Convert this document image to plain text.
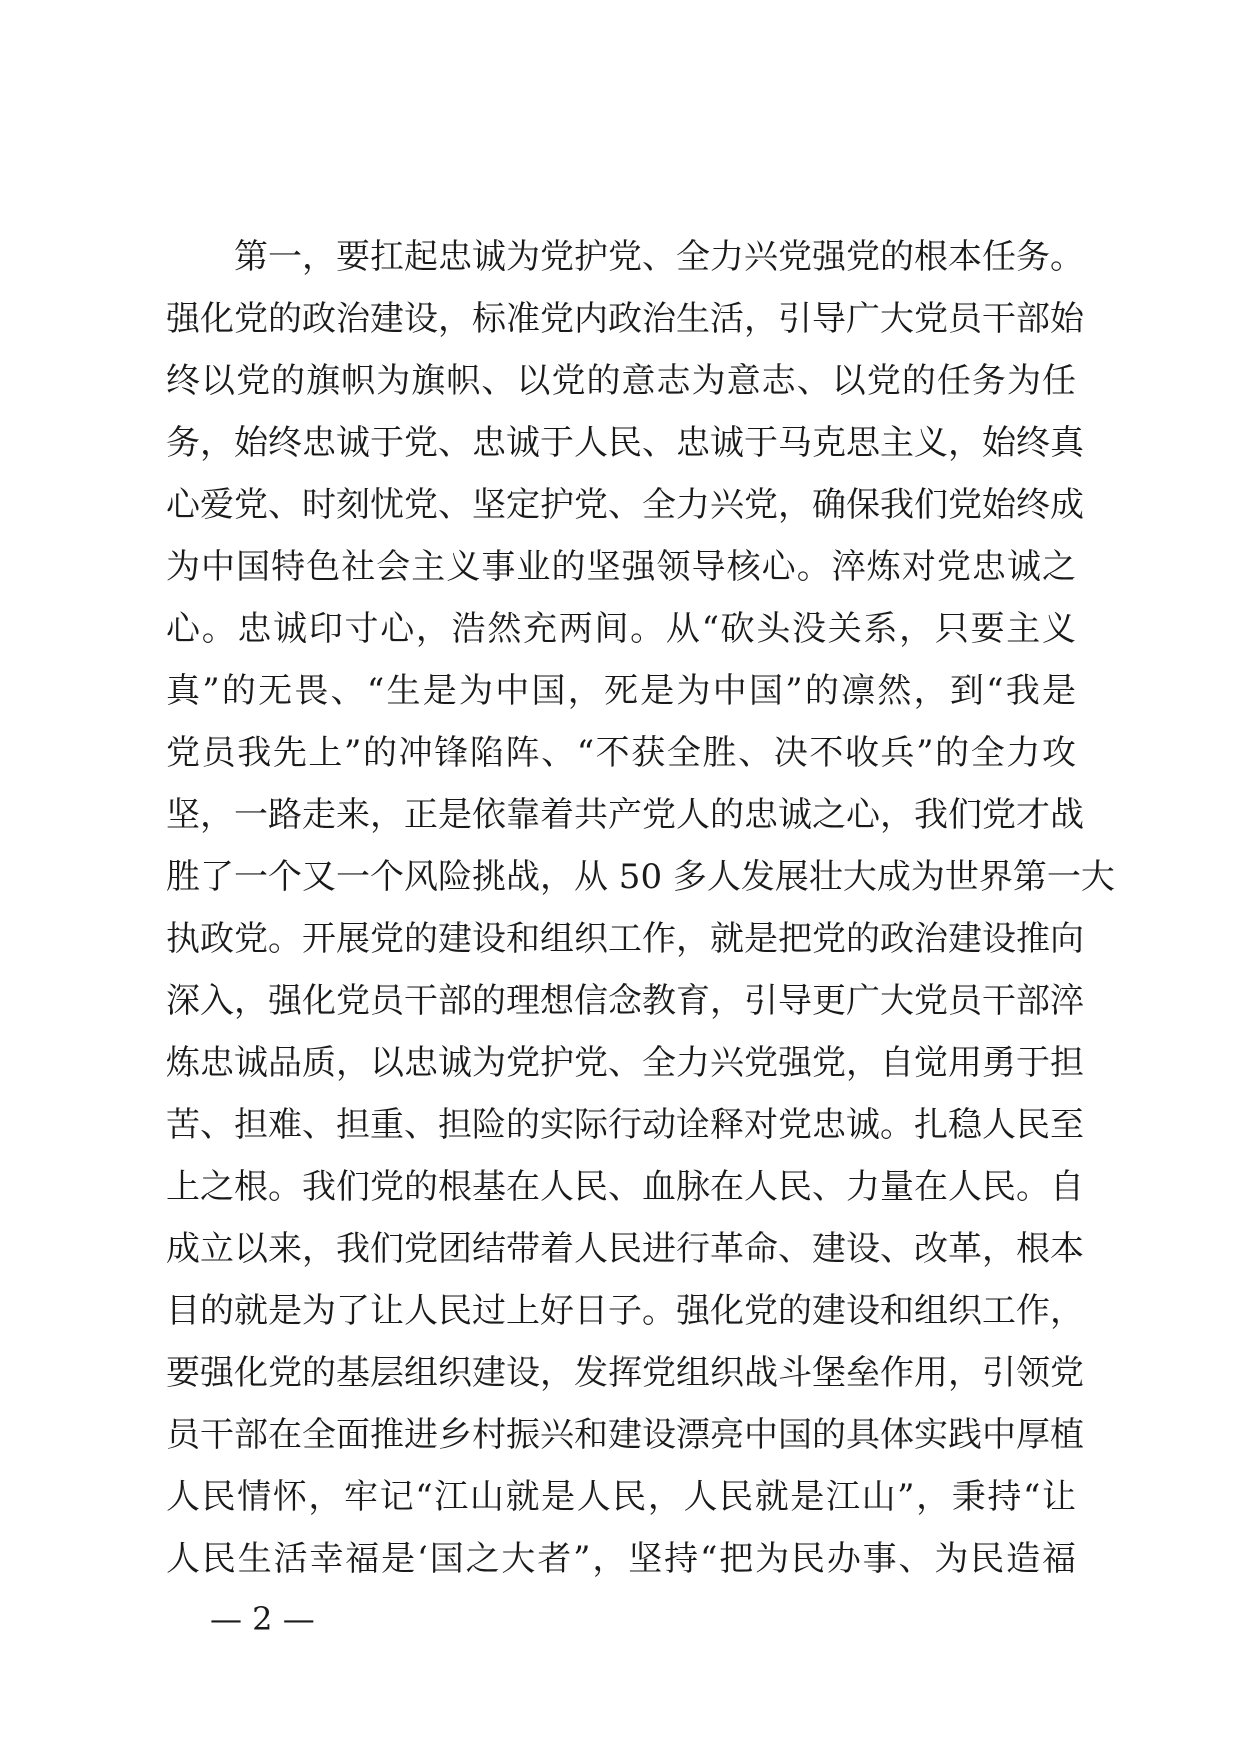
第一，要扛起忠诚为党护党、全力兴党强党的根本任务。
强化党的政治建设，标准党内政治生活，引导广大党员干部始
终以党的旗帜为旗帜、以党的意志为意志、以党的任务为任
务，始终忠诚于党、忠诚于人民、忠诚于马克思主义，始终真
心爱党、时刻忧党、坚定护党、全力兴党，确保我们党始终成
为中国特色社会主义事业的坚强领导核心。淬炼对党忠诚之
心。忠诚印寸心，浩然充两间。从“砍头没关系，只要主义
真”的无畏、“生是为中国，死是为中国”的凛然，到“我是
党员我先上”的冲锋陷阵、“不获全胜、决不收兵”的全力攻
坚，一路走来，正是依靠着共产党人的忠诚之心，我们党才战
胜了一个又一个风险挑战，从 50 多人发展壮大成为世界第一大
执政党。开展党的建设和组织工作，就是把党的政治建设推向
深入，强化党员干部的理想信念教育，引导更广大党员干部淬
炼忠诚品质，以忠诚为党护党、全力兴党强党，自觉用勇于担
苦、担难、担重、担险的实际行动诠释对党忠诚。扎稳人民至
上之根。我们党的根基在人民、血脉在人民、力量在人民。自
成立以来，我们党团结带着人民进行革命、建设、改革，根本
目的就是为了让人民过上好日子。强化党的建设和组织工作，
要强化党的基层组织建设，发挥党组织战斗堡垒作用，引领党
员干部在全面推进乡村振兴和建设漂亮中国的具体实践中厚植
人民情怀，牢记“江山就是人民，人民就是江山”，秉持“让
人民生活幸福是‘国之大者”，坚持“把为民办事、为民造福
— 2 —
